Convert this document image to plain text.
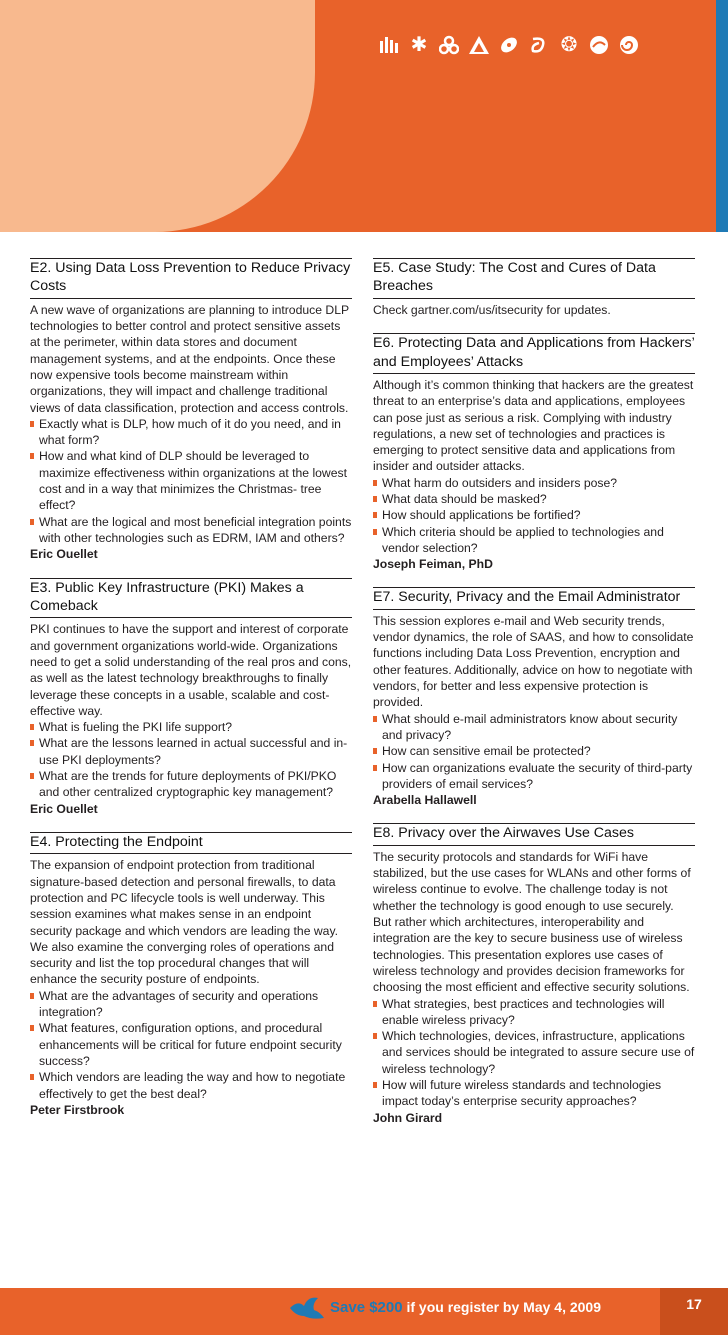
✱	❂
E2. Using Data Loss Prevention to Reduce Privacy Costs

A new wave of organizations are planning to introduce DLP technologies to better control and protect sensitive assets at the perimeter, within data stores and document management systems, and at the endpoints. Once these now expensive tools become mainstream within organizations, they will impact and challenge traditional views of data classification, protection and access controls.

Exactly what is DLP, how much of it do you need, and in what form?
How and what kind of DLP should be leveraged to maximize effectiveness within organizations at the lowest cost and in a way that minimizes the Christmas- tree effect?
What are the logical and most beneficial integration points with other technologies such as EDRM, IAM and others?

Eric Ouellet

E3. Public Key Infrastructure (PKI) Makes a Comeback

PKI continues to have the support and interest of corporate and government organizations world-wide. Organizations need to get a solid understanding of the real pros and cons, as well as the latest technology breakthroughs to finally leverage these concepts in a usable, scalable and cost-effective way.

What is fueling the PKI life support?
What are the lessons learned in actual successful and in-use PKI deployments?
What are the trends for future deployments of PKI/PKO and other centralized cryptographic key management?

Eric Ouellet

E4. Protecting the Endpoint

The expansion of endpoint protection from traditional signature-based detection and personal firewalls, to data protection and PC lifecycle tools is well underway. This session examines what makes sense in an endpoint security package and which vendors are leading the way. We also examine the converging roles of operations and security and list the top procedural changes that will enhance the security posture of endpoints.

What are the advantages of security and operations integration?
What features, configuration options, and procedural enhancements will be critical for future endpoint security success?
Which vendors are leading the way and how to negotiate effectively to get the best deal?

Peter Firstbrook

E5. Case Study: The Cost and Cures of Data Breaches

Check gartner.com/us/itsecurity for updates.

E6. Protecting Data and Applications from Hackers’ and Employees’ Attacks

Although it’s common thinking that hackers are the greatest threat to an enterprise’s data and applications, employees can pose just as serious a risk. Complying with industry regulations, a new set of technologies and practices is emerging to protect sensitive data and applications from insider and outsider attacks.

What harm do outsiders and insiders pose?
What data should be masked?
How should applications be fortified?
Which criteria should be applied to technologies and vendor selection?

Joseph Feiman, PhD

E7. Security, Privacy and the Email Administrator

This session explores e-mail and Web security trends, vendor dynamics, the role of SAAS, and how to consolidate functions including Data Loss Prevention, encryption and other features. Additionally, advice on how to negotiate with vendors, for better and less expensive protection is provided.

What should e-mail administrators know about security and privacy?
How can sensitive email be protected?
How can organizations evaluate the security of third-party providers of email services?

Arabella Hallawell

E8. Privacy over the Airwaves Use Cases

The security protocols and standards for WiFi have stabilized, but the use cases for WLANs and other forms of wireless continue to evolve. The challenge today is not whether the technology is good enough to use securely. But rather which architectures, interoperability and integration are the key to secure business use of wireless technologies. This presentation explores use cases of wireless technology and provides decision frameworks for choosing the most efficient and effective security solutions.

What strategies, best practices and technologies will enable wireless privacy?
Which technologies, devices, infrastructure, applications and services should be integrated to assure secure use of wireless technology?
How will future wireless standards and technologies impact today’s enterprise security approaches?

John Girard

Save $200 if you register by May 4, 2009	17
